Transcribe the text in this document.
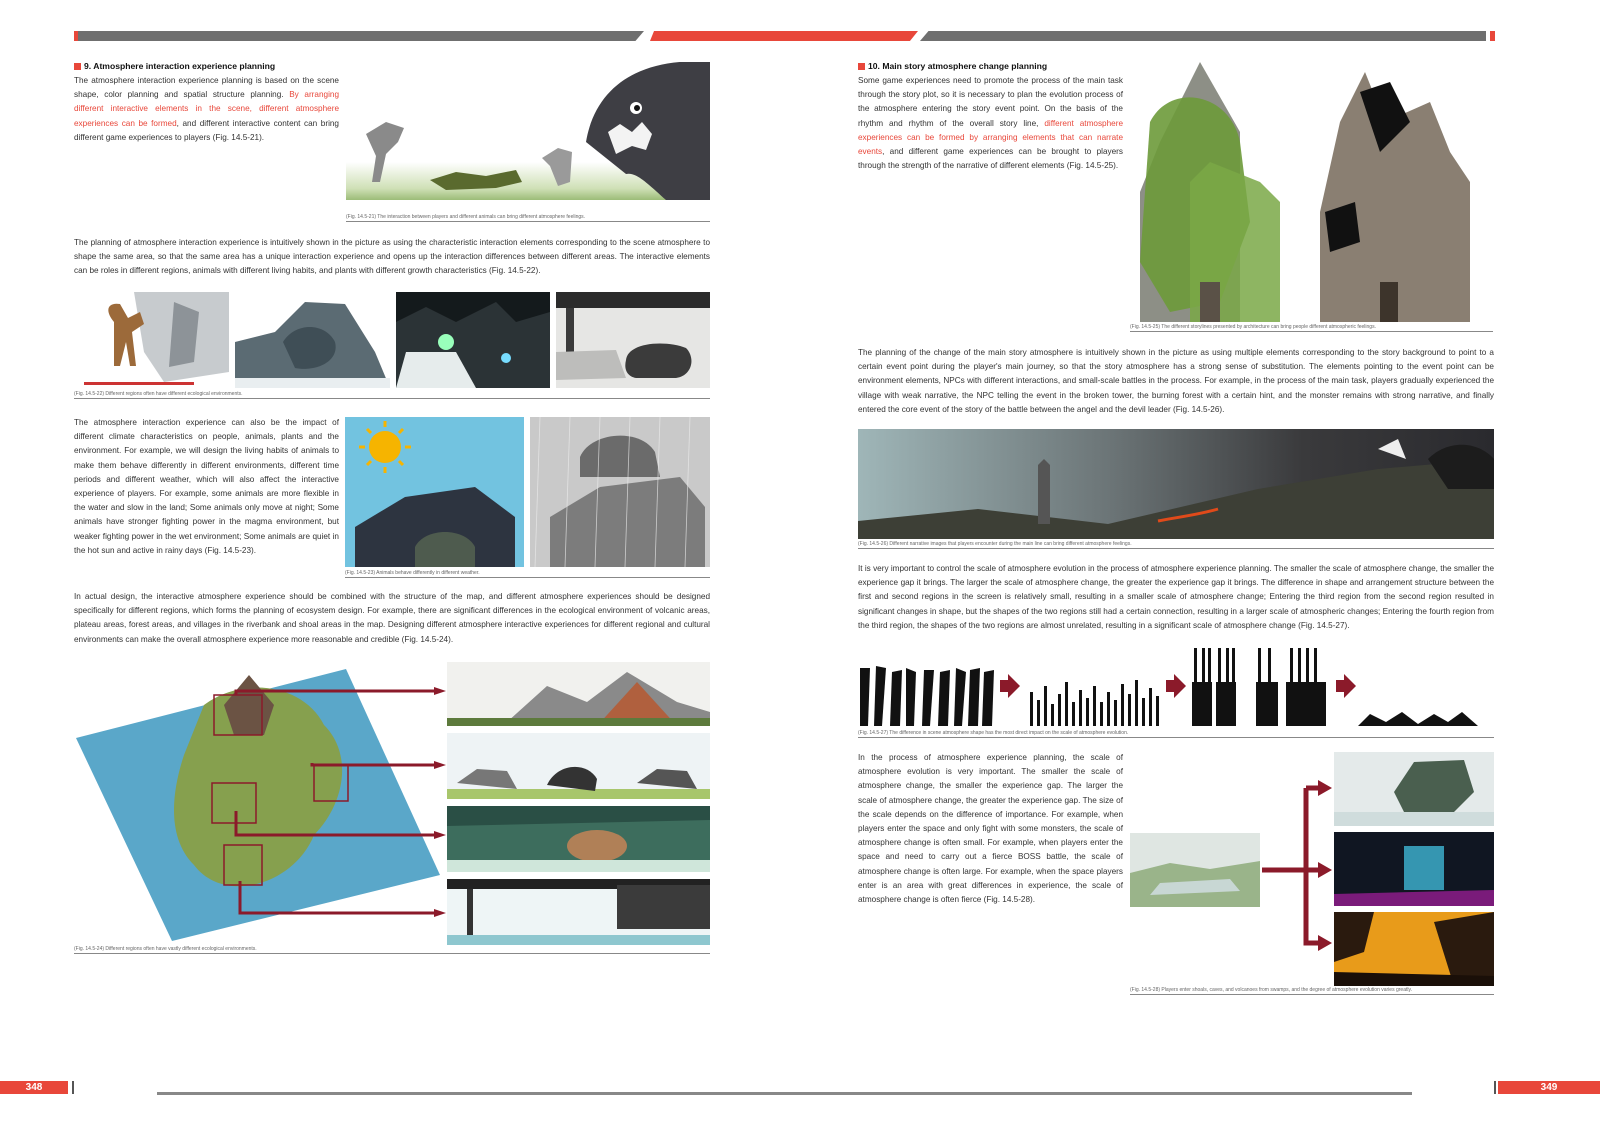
9. Atmosphere interaction experience planning
The atmosphere interaction experience planning is based on the scene shape, color planning and spatial structure planning. By arranging different interactive elements in the scene, different atmosphere experiences can be formed, and different interactive content can bring different game experiences to players (Fig. 14.5-21).
(Fig. 14.5-21) The interaction between players and different animals can bring different atmosphere feelings.
The planning of atmosphere interaction experience is intuitively shown in the picture as using the characteristic interaction elements corresponding to the scene atmosphere to shape the same area, so that the same area has a unique interaction experience and opens up the interaction differences between different areas. The interactive elements can be roles in different regions, animals with different living habits, and plants with different growth characteristics (Fig. 14.5-22).
(Fig. 14.5-22) Different regions often have different ecological environments.
The atmosphere interaction experience can also be the impact of different climate characteristics on people, animals, plants and the environment. For example, we will design the living habits of animals to make them behave differently in different environments, different time periods and different weather, which will also affect the interactive experience of players. For example, some animals are more flexible in the water and slow in the land; Some animals only move at night; Some animals have stronger fighting power in the magma environment, but weaker fighting power in the wet environment; Some animals are quiet in the hot sun and active in rainy days (Fig. 14.5-23).
(Fig. 14.5-23) Animals behave differently in different weather.
In actual design, the interactive atmosphere experience should be combined with the structure of the map, and different atmosphere experiences should be designed specifically for different regions, which forms the planning of ecosystem design. For example, there are significant differences in the ecological environment of volcanic areas, plateau areas, forest areas, and villages in the riverbank and shoal areas in the map. Designing different atmosphere interactive experiences for different regional and cultural environments can make the overall atmosphere experience more reasonable and credible (Fig. 14.5-24).
(Fig. 14.5-24) Different regions often have vastly different ecological environments.
10. Main story atmosphere change planning
Some game experiences need to promote the process of the main task through the story plot, so it is necessary to plan the evolution process of the atmosphere entering the story event point. On the basis of the rhythm and rhythm of the overall story line, different atmosphere experiences can be formed by arranging elements that can narrate events, and different game experiences can be brought to players through the strength of the narrative of different elements (Fig. 14.5-25).
(Fig. 14.5-25) The different storylines presented by architecture can bring people different atmospheric feelings.
The planning of the change of the main story atmosphere is intuitively shown in the picture as using multiple elements corresponding to the story background to point to a certain event point during the player's main journey, so that the story atmosphere has a strong sense of substitution. The elements pointing to the event point can be environment elements, NPCs with different interactions, and small-scale battles in the process. For example, in the process of the main task, players gradually experienced the village with weak narrative, the NPC telling the event in the broken tower, the burning forest with a certain hint, and the monster remains with strong narrative, and finally entered the core event of the story of the battle between the angel and the devil leader (Fig. 14.5-26).
(Fig. 14.5-26) Different narrative images that players encounter during the main line can bring different atmosphere feelings.
It is very important to control the scale of atmosphere evolution in the process of atmosphere experience planning. The smaller the scale of atmosphere change, the smaller the experience gap it brings. The larger the scale of atmosphere change, the greater the experience gap it brings. The difference in shape and arrangement structure between the first and second regions in the screen is relatively small, resulting in a smaller scale of atmosphere change; Entering the third region from the second region resulted in significant changes in shape, but the shapes of the two regions still had a certain connection, resulting in a larger scale of atmospheric changes; Entering the fourth region from the third region, the shapes of the two regions are almost unrelated, resulting in a significant scale of atmosphere change (Fig. 14.5-27).
(Fig. 14.5-27) The difference in scene atmosphere shape has the most direct impact on the scale of atmosphere evolution.
In the process of atmosphere experience planning, the scale of atmosphere evolution is very important. The smaller the scale of atmosphere change, the smaller the experience gap. The larger the scale of atmosphere change, the greater the experience gap. The size of the scale depends on the difference of importance. For example, when players enter the space and only fight with some monsters, the scale of atmosphere change is often small. For example, when players enter the space and need to carry out a fierce BOSS battle, the scale of atmosphere change is often large. For example, when the space players enter is an area with great differences in experience, the scale of atmosphere change is often fierce (Fig. 14.5-28).
(Fig. 14.5-28) Players enter shoals, caves, and volcanoes from swamps, and the degree of atmosphere evolution varies greatly.
348	349
